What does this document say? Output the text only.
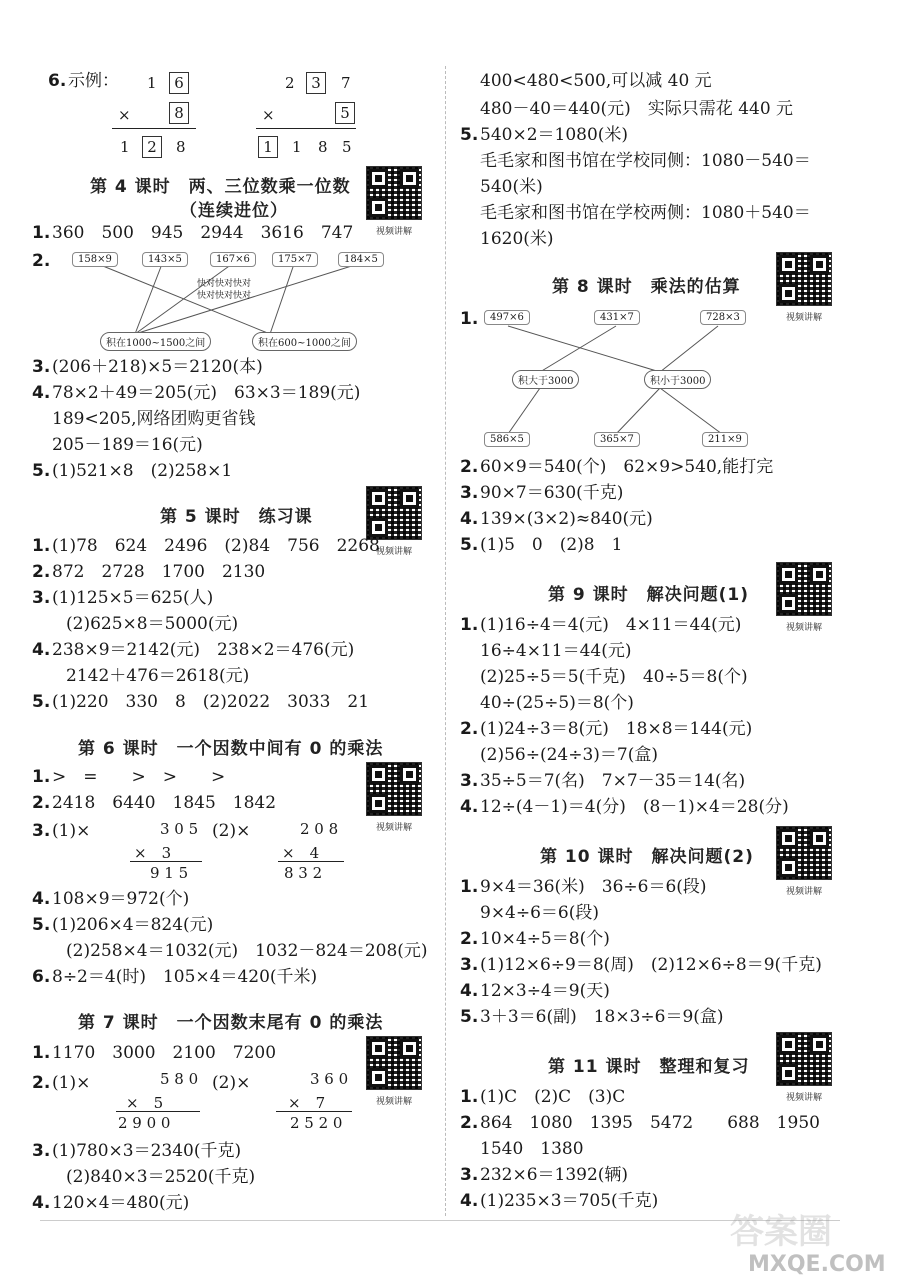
6. 示例： 1	6
×	8
1	2	8
2	3	7
×	5
1	1 8 5
第 4 课时　两、三位数乘一位数
（连续进位）
视频讲解
1. 360　500　945　2944　3616　747
2.	158×9	143×5	167×6	175×7	184×5
快对快对快对
快对快对快对
积在1000~1500之间	积在600~1000之间
3. (206＋218)×5＝2120(本)
4. 78×2＋49＝205(元)　63×3＝189(元)
189<205,网络团购更省钱
205－189＝16(元)
5. (1)521×8　(2)258×1
第 5 课时　练习课
视频讲解
1. (1)78　624　2496　(2)84　756　2268
2. 872　2728　1700　2130
3. (1)125×5＝625(人)
(2)625×8＝5000(元)
4. 238×9＝2142(元)　238×2＝476(元)
2142＋476＝2618(元)
5. (1)220　330　8　(2)2022　3033　21
第 6 课时　一个因数中间有 0 的乘法
视频讲解
1. >　=　　>　>　　>
2. 2418　6440　1845　1842
3. (1)×	3 0 5
×　3
9 1 5
(2)×	2 0 8
×　4
8 3 2
4. 108×9＝972(个)
5. (1)206×4＝824(元)
(2)258×4＝1032(元)　1032－824＝208(元)
6. 8÷2＝4(时)　105×4＝420(千米)
第 7 课时　一个因数末尾有 0 的乘法
视频讲解
1. 1170　3000　2100　7200
2. (1)×	5 8 0
×　5
2 9 0 0
(2)×	3 6 0
×　7
2 5 2 0
3. (1)780×3＝2340(千克)
(2)840×3＝2520(千克)
4. 120×4＝480(元)
400<480<500,可以减 40 元
480－40＝440(元)　实际只需花 440 元
5. 540×2＝1080(米)
毛毛家和图书馆在学校同侧：1080－540＝
540(米)
毛毛家和图书馆在学校两侧：1080＋540＝
1620(米)
第 8 课时　乘法的估算
视频讲解
1.	497×6	431×7	728×3
积大于3000	积小于3000
586×5	365×7	211×9
2. 60×9＝540(个)　62×9>540,能打完
3. 90×7＝630(千克)
4. 139×(3×2)≈840(元)
5. (1)5　0　(2)8　1
第 9 课时　解决问题(1)
视频讲解
1. (1)16÷4＝4(元)　4×11＝44(元)
16÷4×11＝44(元)
(2)25÷5＝5(千克)　40÷5＝8(个)
40÷(25÷5)＝8(个)
2. (1)24÷3＝8(元)　18×8＝144(元)
(2)56÷(24÷3)＝7(盒)
3. 35÷5＝7(名)　7×7－35＝14(名)
4. 12÷(4－1)＝4(分)　(8－1)×4＝28(分)
第 10 课时　解决问题(2)
视频讲解
1. 9×4＝36(米)　36÷6＝6(段)
9×4÷6＝6(段)
2. 10×4÷5＝8(个)
3. (1)12×6÷9＝8(周)　(2)12×6÷8＝9(千克)
4. 12×3÷4＝9(天)
5. 3＋3＝6(副)　18×3÷6＝9(盒)
第 11 课时　整理和复习
视频讲解
1. (1)C　(2)C　(3)C
2. 864　1080　1395　5472　　688　1950
1540　1380
3. 232×6＝1392(辆)
4. (1)235×3＝705(千克)
答案圈
MXQE.COM
